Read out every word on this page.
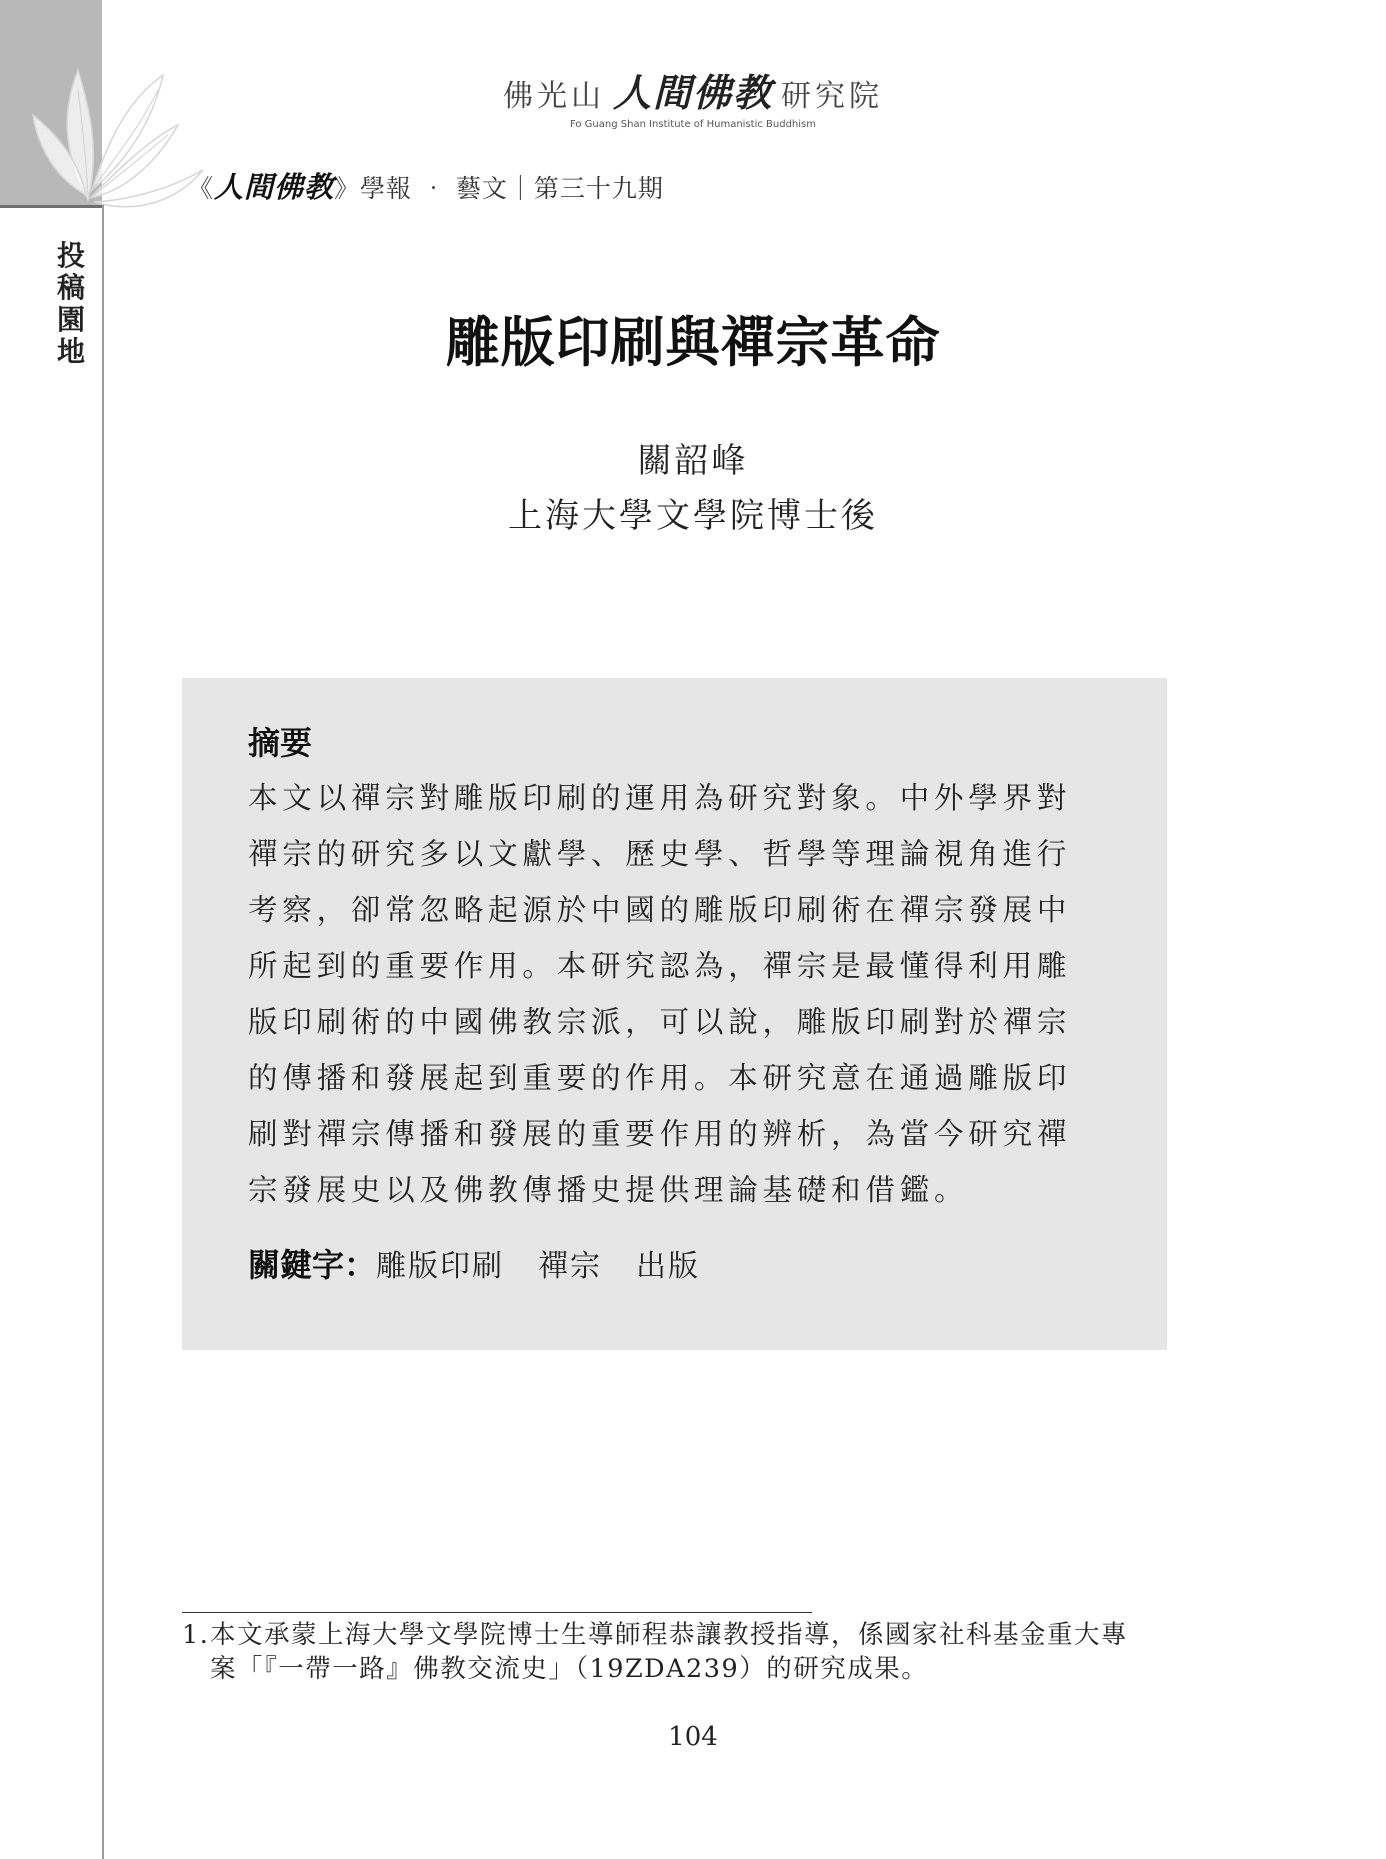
投稿園地
佛光山 人間佛教 研究院
Fo Guang Shan Institute of Humanistic Buddhism
《人間佛教》學報 ‧ 藝文｜第三十九期
雕版印刷與禪宗革命
關韶峰
上海大學文學院博士後
摘要
本文以禪宗對雕版印刷的運用為研究對象。中外學界對禪宗的研究多以文獻學、歷史學、哲學等理論視角進行考察，卻常忽略起源於中國的雕版印刷術在禪宗發展中所起到的重要作用。本研究認為，禪宗是最懂得利用雕版印刷術的中國佛教宗派，可以說，雕版印刷對於禪宗的傳播和發展起到重要的作用。本研究意在通過雕版印刷對禪宗傳播和發展的重要作用的辨析，為當今研究禪宗發展史以及佛教傳播史提供理論基礎和借鑑。
關鍵字：雕版印刷 禪宗 出版
1.本文承蒙上海大學文學院博士生導師程恭讓教授指導，係國家社科基金重大專
案「『一帶一路』佛教交流史」（19ZDA239）的研究成果。
104
